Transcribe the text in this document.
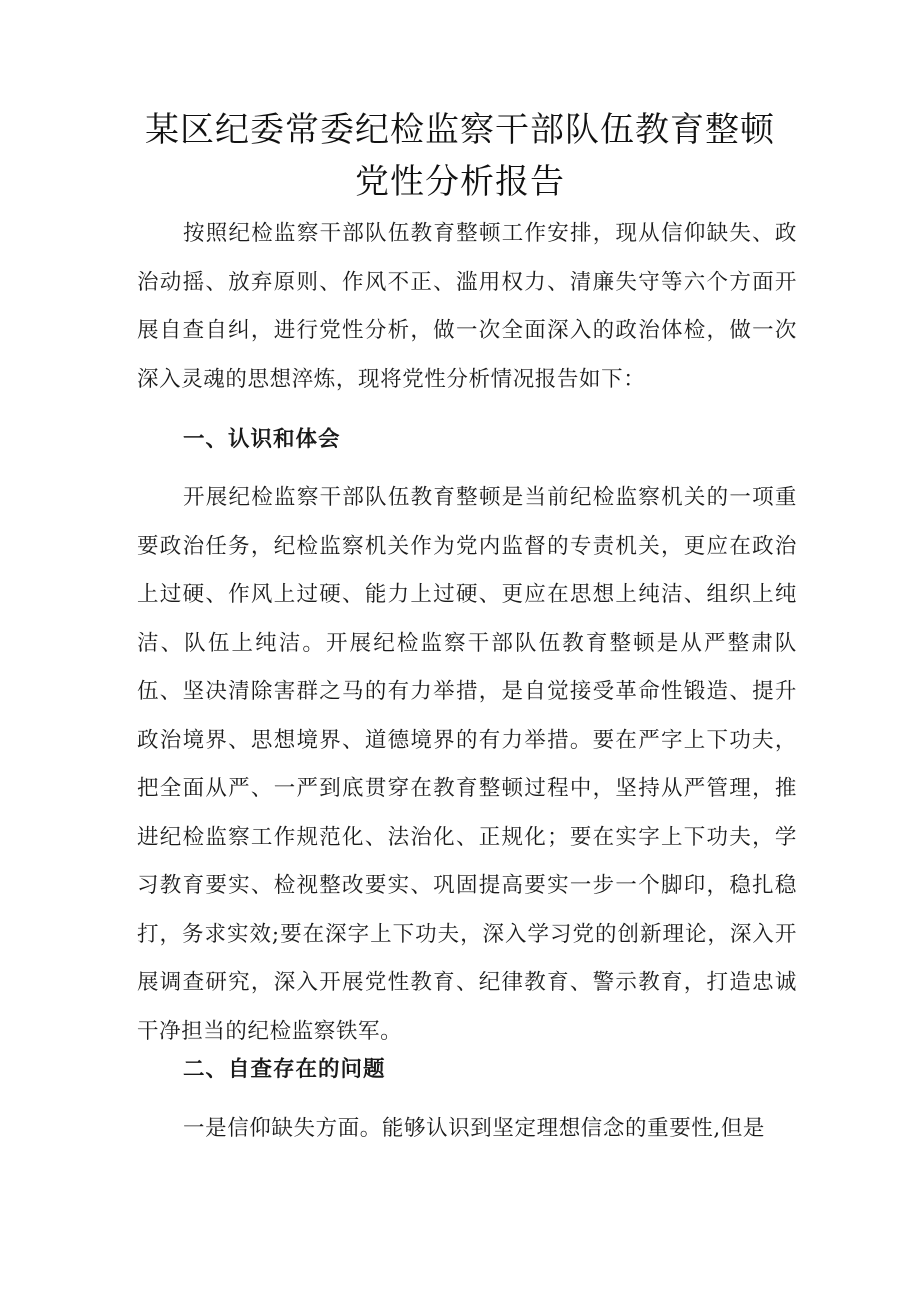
某区纪委常委纪检监察干部队伍教育整顿
党性分析报告

按照纪检监察干部队伍教育整顿工作安排，现从信仰缺失、政治动摇、放弃原则、作风不正、滥用权力、清廉失守等六个方面开展自查自纠，进行党性分析，做一次全面深入的政治体检，做一次深入灵魂的思想淬炼，现将党性分析情况报告如下：

一、认识和体会

开展纪检监察干部队伍教育整顿是当前纪检监察机关的一项重要政治任务，纪检监察机关作为党内监督的专责机关，更应在政治上过硬、作风上过硬、能力上过硬、更应在思想上纯洁、组织上纯洁、队伍上纯洁。开展纪检监察干部队伍教育整顿是从严整肃队伍、坚决清除害群之马的有力举措，是自觉接受革命性锻造、提升政治境界、思想境界、道德境界的有力举措。要在严字上下功夫，把全面从严、一严到底贯穿在教育整顿过程中，坚持从严管理，推进纪检监察工作规范化、法治化、正规化；要在实字上下功夫，学习教育要实、检视整改要实、巩固提高要实一步一个脚印，稳扎稳打，务求实效;要在深字上下功夫，深入学习党的创新理论，深入开展调查研究，深入开展党性教育、纪律教育、警示教育，打造忠诚干净担当的纪检监察铁军。

二、自查存在的问题

一是信仰缺失方面。能够认识到坚定理想信念的重要性,但是
